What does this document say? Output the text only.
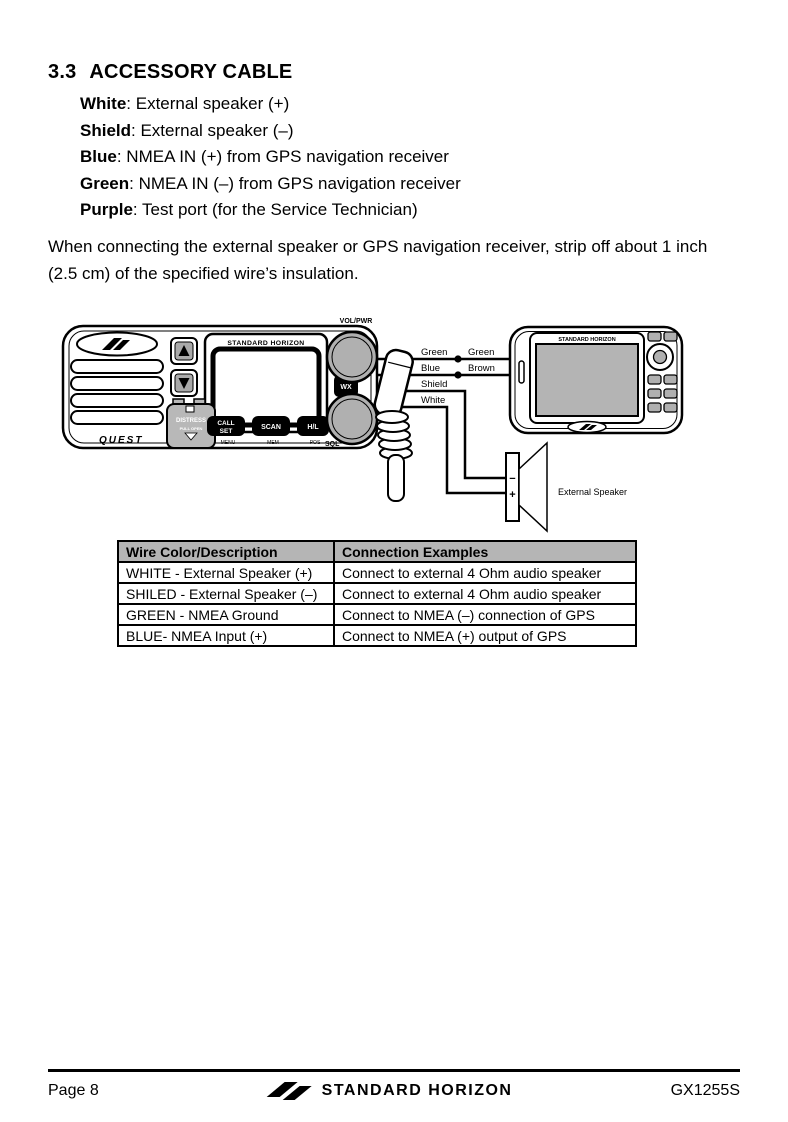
3.3 ACCESSORY CABLE
White: External speaker (+)
Shield: External speaker (–)
Blue: NMEA IN (+) from GPS navigation receiver
Green: NMEA IN (–) from GPS navigation receiver
Purple: Test port (for the Service Technician)
When connecting the external speaker or GPS navigation receiver, strip off about 1 inch (2.5 cm) of the specified wire’s insulation.
QUEST
STANDARD HORIZON
DISTRESS
PULL OPEN
CALL
SET
SCAN	H/L
MENU	MEM	POS
WX
VOL/PWR
SQL
Green Green
Blue	Brown
Shield
White
STANDARD HORIZON
−
+	External Speaker
Wire Color/Description	Connection Examples
WHITE - External Speaker (+)	Connect to external 4 Ohm audio speaker
SHILED - External Speaker (–)	Connect to external 4 Ohm audio speaker
GREEN - NMEA Ground	Connect to NMEA (–) connection of GPS
BLUE- NMEA Input (+)	Connect to NMEA (+) output of GPS
Page 8	STANDARD HORIZON	GX1255S
